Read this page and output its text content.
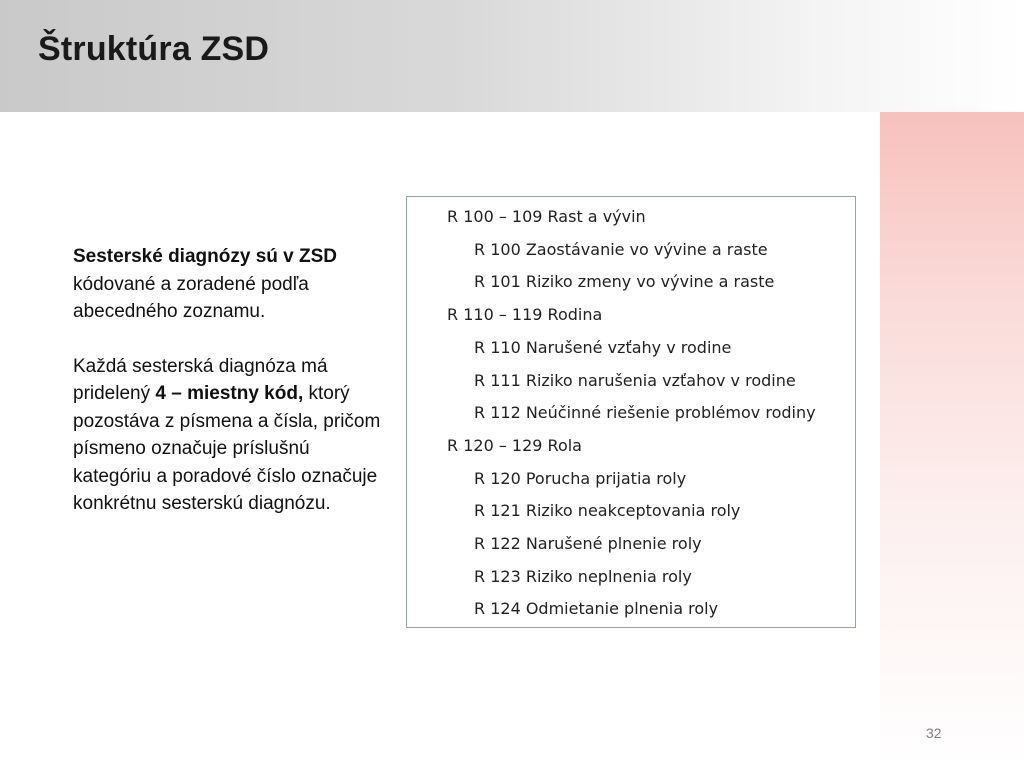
Štruktúra ZSD

Sesterské diagnózy sú v ZSD kódované a zoradené podľa abecedného zoznamu.

Každá sesterská diagnóza má pridelený 4 – miestny kód, ktorý pozostáva z písmena a čísla, pričom písmeno označuje príslušnú kategóriu a poradové číslo označuje konkrétnu sesterskú diagnózu.

R 100 – 109 Rast a vývin
R 100 Zaostávanie vo vývine a raste
R 101 Riziko zmeny vo vývine a raste
R 110 – 119 Rodina
R 110 Narušené vzťahy v rodine
R 111 Riziko narušenia vzťahov v rodine
R 112 Neúčinné riešenie problémov rodiny
R 120 – 129 Rola
R 120 Porucha prijatia roly
R 121 Riziko neakceptovania roly
R 122 Narušené plnenie roly
R 123 Riziko neplnenia roly
R 124 Odmietanie plnenia roly
32
